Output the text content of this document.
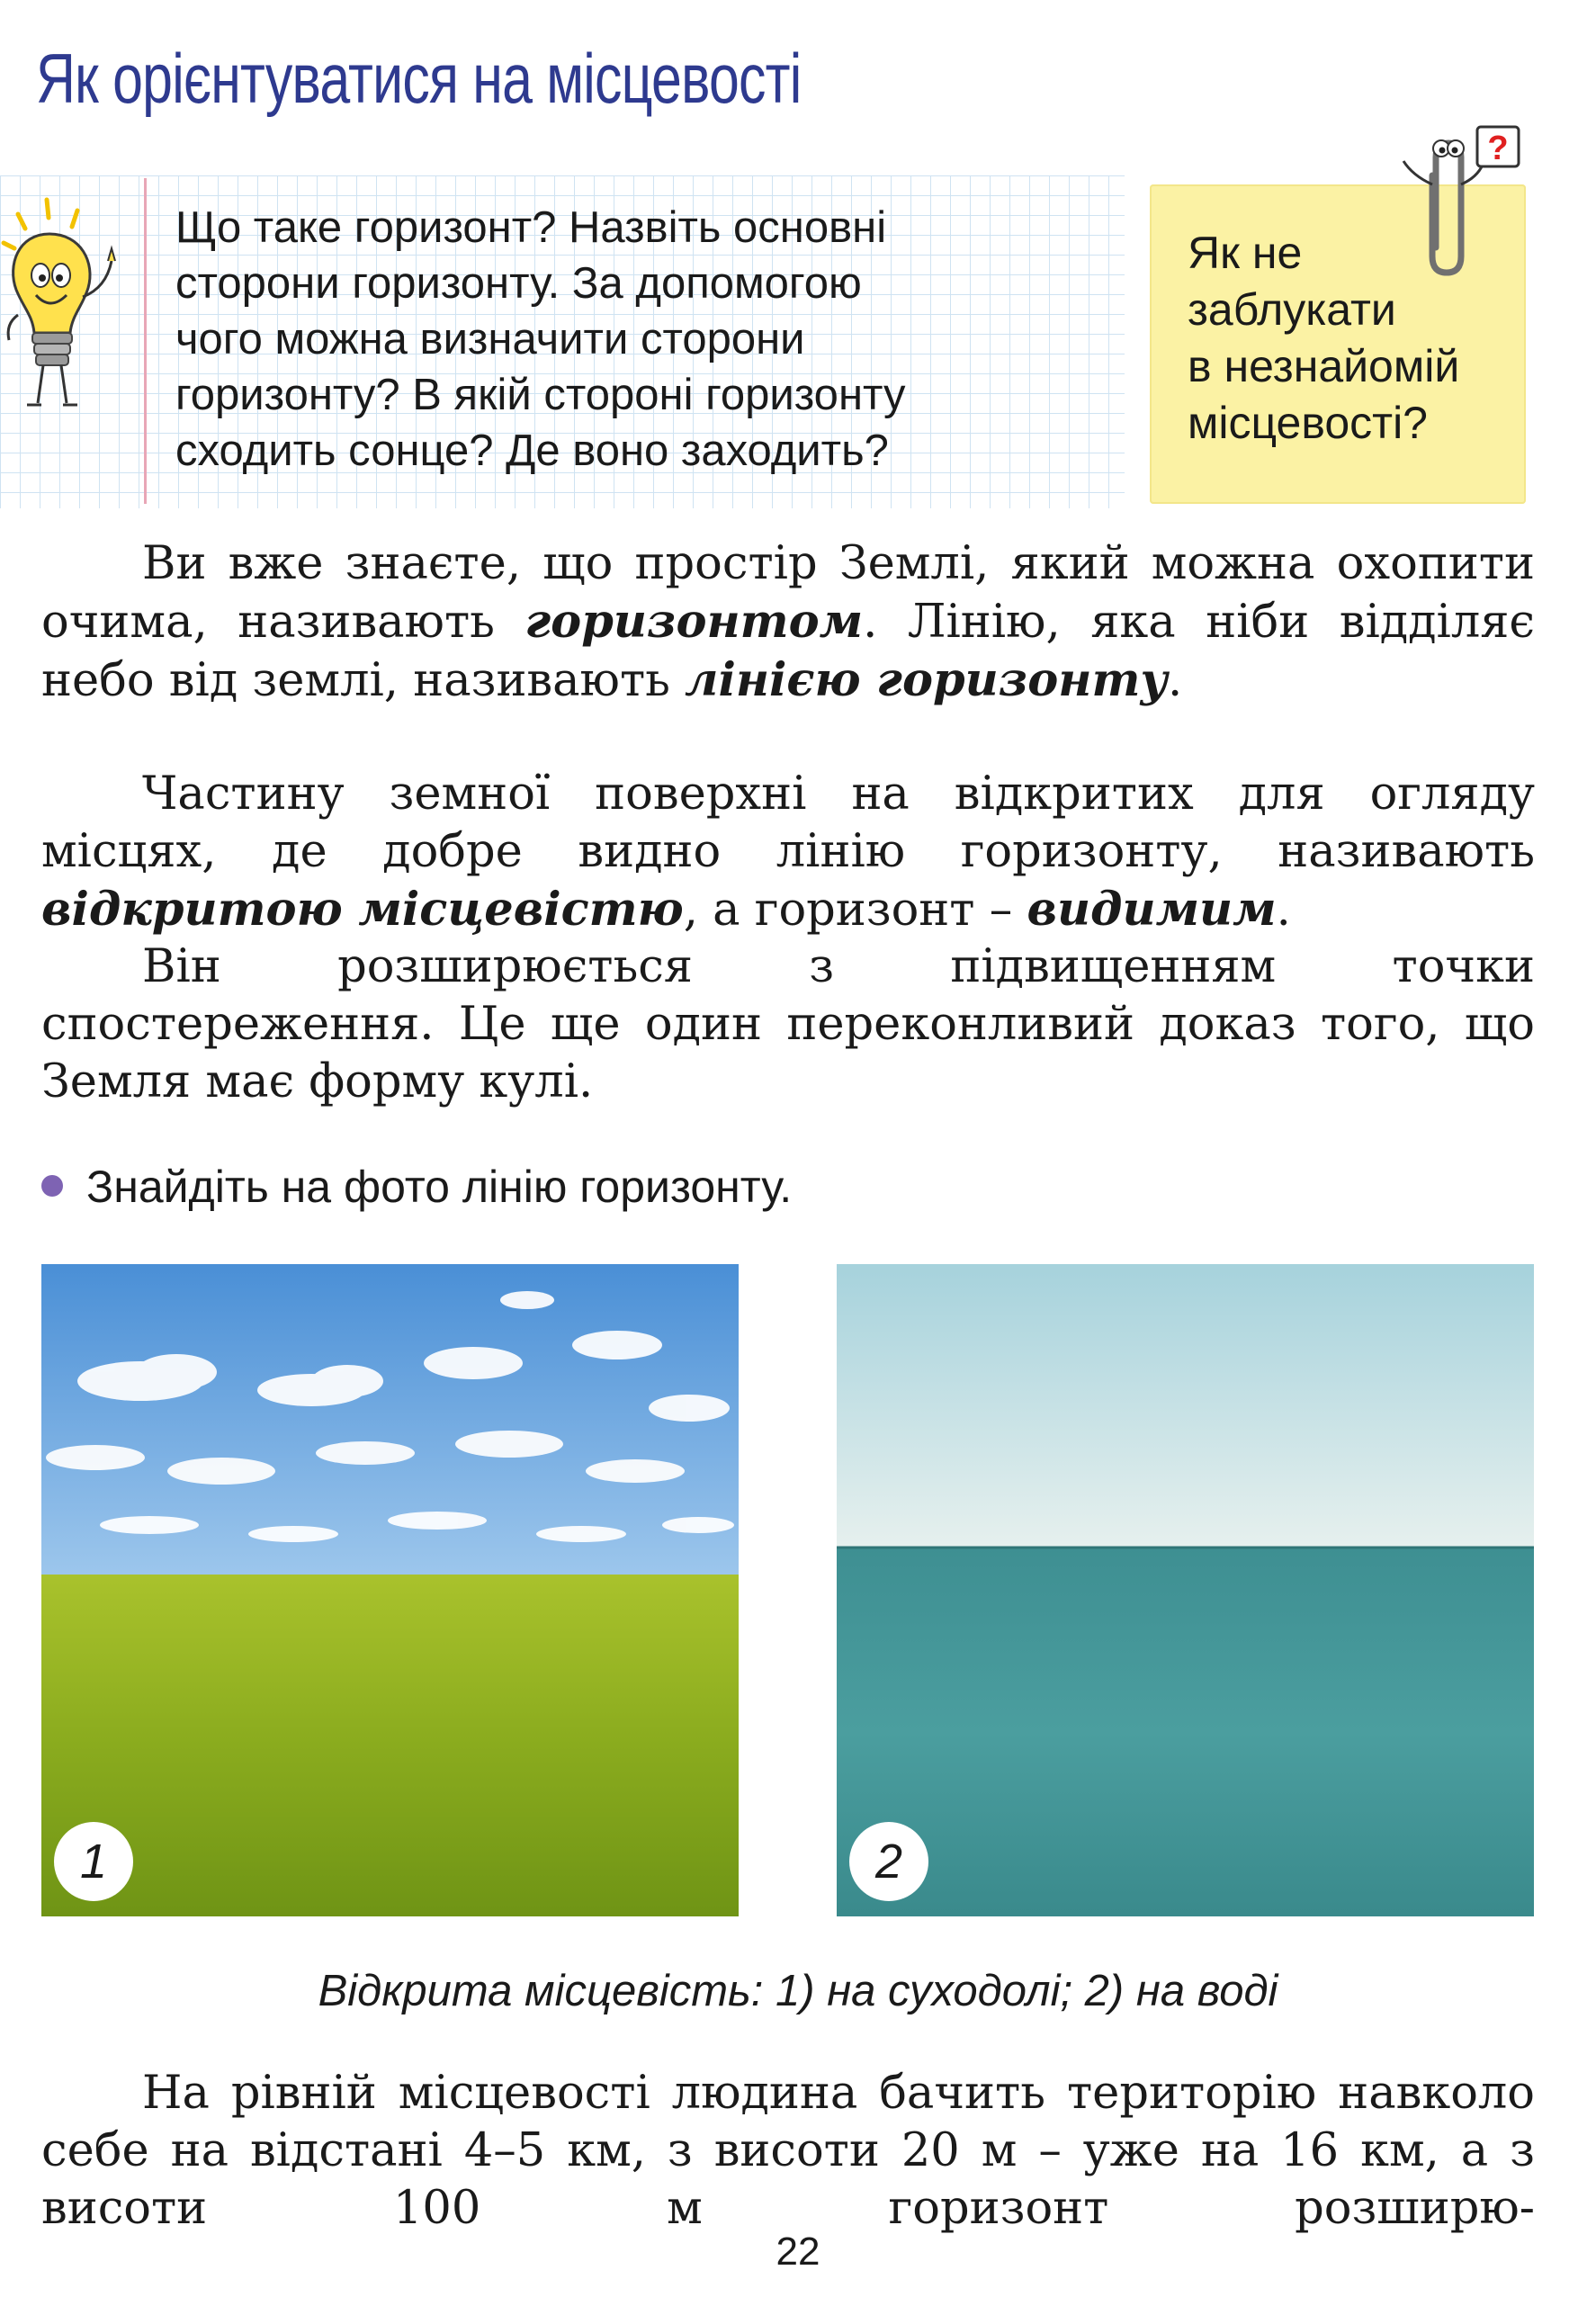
Як орієнтуватися на місцевості
Що таке горизонт? Назвіть основні
сторони горизонту. За допомогою
чого можна визначити сторони
горизонту? В якій стороні горизонту
сходить сонце? Де воно заходить?
Як не
заблукати
в незнайомій
місцевості?
?

Ви вже знаєте, що простір Землі, який можна охопити очима, називають горизонтом. Лінію, яка ніби відділяє небо від землі, називають лінією горизонту.

Частину земної поверхні на відкритих для огляду місцях, де добре видно лінію горизонту, називають відкритою місцевістю, а горизонт – видимим.

Він розширюється з підвищенням точки спостереження. Це ще один переконливий доказ того, що Земля має форму кулі.

Знайдіть на фото лінію горизонту.
1	2
Відкрита місцевість: 1) на суходолі; 2) на воді

На рівній місцевості людина бачить територію навколо себе на відстані 4–5 км, з висоти 20 м – уже на 16 км, а з висоти 100 м горизонт розширю-

22
